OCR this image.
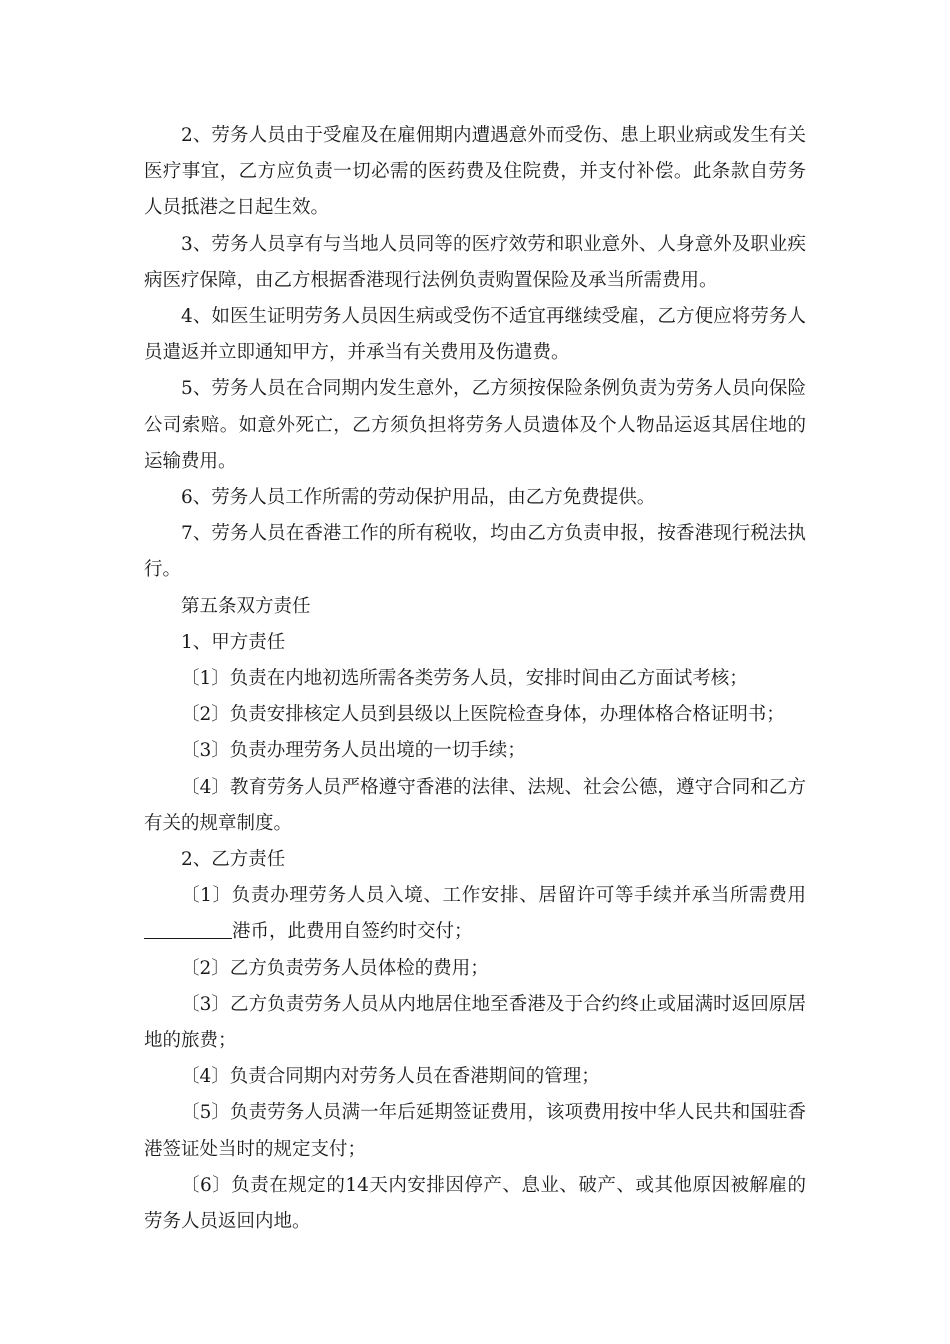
2、劳务人员由于受雇及在雇佣期内遭遇意外而受伤、患上职业病或发生有关医疗事宜，乙方应负责一切必需的医药费及住院费，并支付补偿。此条款自劳务人员抵港之日起生效。

3、劳务人员享有与当地人员同等的医疗效劳和职业意外、人身意外及职业疾病医疗保障，由乙方根据香港现行法例负责购置保险及承当所需费用。

4、如医生证明劳务人员因生病或受伤不适宜再继续受雇，乙方便应将劳务人员遣返并立即通知甲方，并承当有关费用及伤遣费。

5、劳务人员在合同期内发生意外，乙方须按保险条例负责为劳务人员向保险公司索赔。如意外死亡，乙方须负担将劳务人员遗体及个人物品运返其居住地的运输费用。

6、劳务人员工作所需的劳动保护用品，由乙方免费提供。

7、劳务人员在香港工作的所有税收，均由乙方负责申报，按香港现行税法执行。

第五条双方责任

1、甲方责任

〔1〕负责在内地初选所需各类劳务人员，安排时间由乙方面试考核；

〔2〕负责安排核定人员到县级以上医院检查身体，办理体格合格证明书；

〔3〕负责办理劳务人员出境的一切手续；

〔4〕教育劳务人员严格遵守香港的法律、法规、社会公德，遵守合同和乙方有关的规章制度。

2、乙方责任

〔1〕负责办理劳务人员入境、工作安排、居留许可等手续并承当所需费用港币，此费用自签约时交付；

〔2〕乙方负责劳务人员体检的费用；

〔3〕乙方负责劳务人员从内地居住地至香港及于合约终止或届满时返回原居地的旅费；

〔4〕负责合同期内对劳务人员在香港期间的管理；

〔5〕负责劳务人员满一年后延期签证费用，该项费用按中华人民共和国驻香港签证处当时的规定支付；

〔6〕负责在规定的14天内安排因停产、息业、破产、或其他原因被解雇的劳务人员返回内地。
